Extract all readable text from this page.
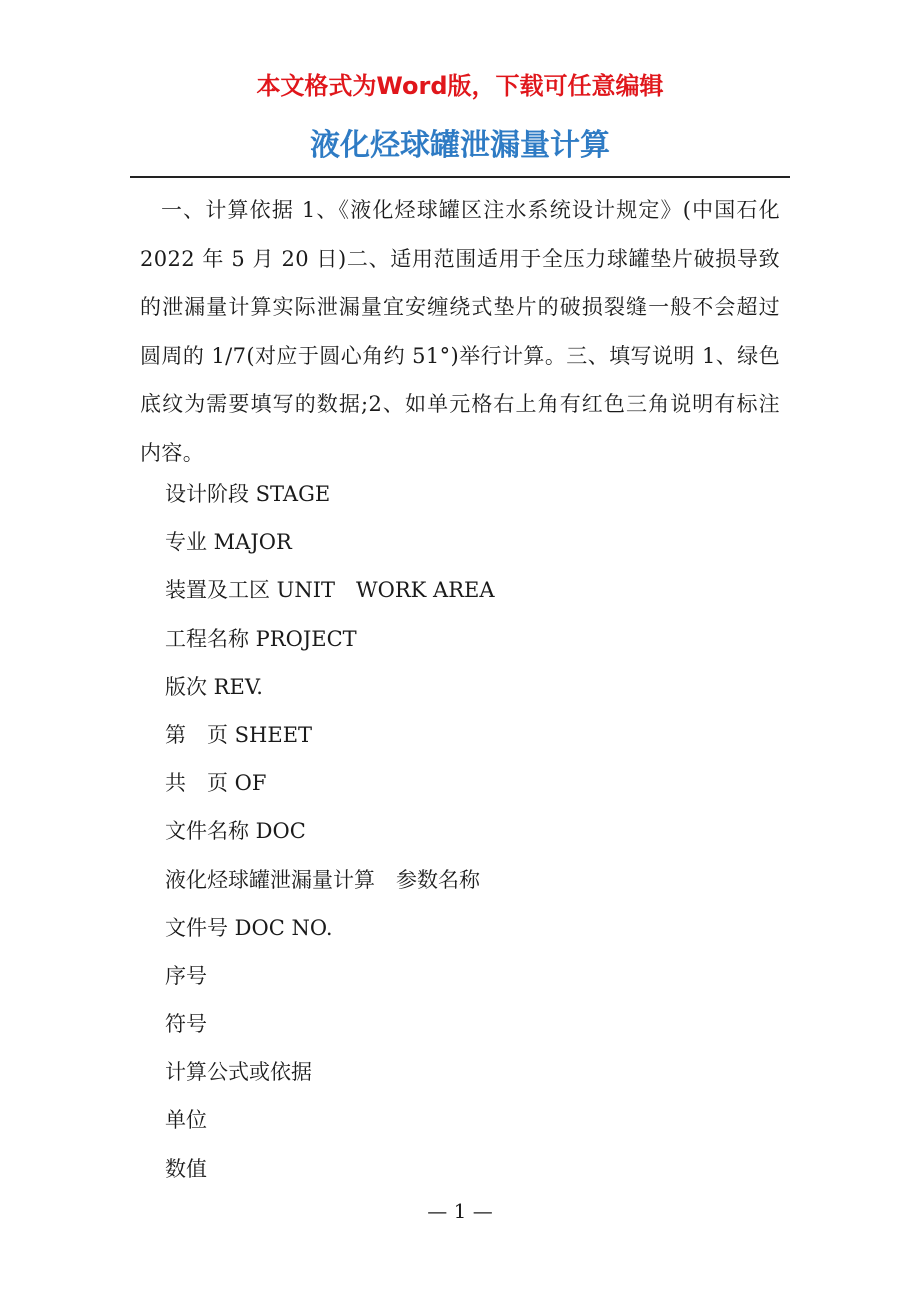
本文格式为Word版，下载可任意编辑
液化烃球罐泄漏量计算
一、计算依据 1、《液化烃球罐区注水系统设计规定》(中国石化 2022 年 5 月 20 日)二、适用范围适用于全压力球罐垫片破损导致的泄漏量计算实际泄漏量宜安缠绕式垫片的破损裂缝一般不会超过圆周的 1/7(对应于圆心角约 51°)举行计算。三、填写说明 1、绿色底纹为需要填写的数据;2、如单元格右上角有红色三角说明有标注内容。
设计阶段 STAGE
专业 MAJOR
装置及工区 UNIT　WORK AREA
工程名称 PROJECT
版次 REV.
第　页 SHEET
共　页 OF
文件名称 DOC
液化烃球罐泄漏量计算　参数名称
文件号 DOC NO.
序号
符号
计算公式或依据
单位
数值
— 1 —
